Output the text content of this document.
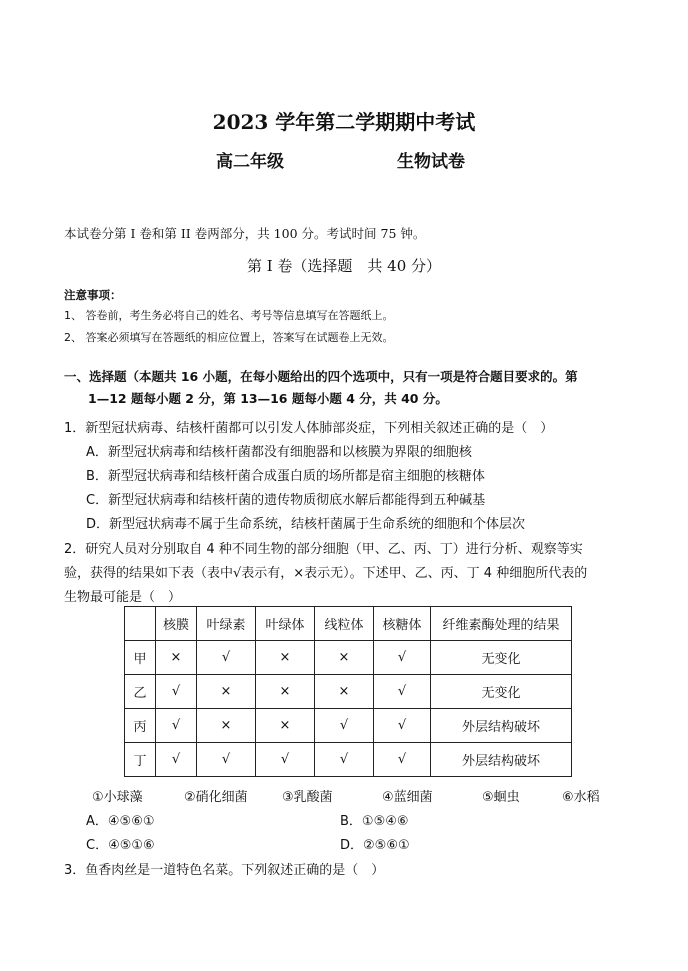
2023 学年第二学期期中考试
高二年级	生物试卷
本试卷分第 I 卷和第 II 卷两部分，共 100 分。考试时间 75 钟。
第 I 卷（选择题　共 40 分）
注意事项：
1、 答卷前，考生务必将自己的姓名、考号等信息填写在答题纸上。
2、 答案必须填写在答题纸的相应位置上，答案写在试题卷上无效。
一、选择题（本题共 16 小题，在每小题给出的四个选项中，只有一项是符合题目要求的。第
1—12 题每小题 2 分，第 13—16 题每小题 4 分，共 40 分。
1．新型冠状病毒、结核杆菌都可以引发人体肺部炎症，下列相关叙述正确的是（　）
A．新型冠状病毒和结核杆菌都没有细胞器和以核膜为界限的细胞核
B．新型冠状病毒和结核杆菌合成蛋白质的场所都是宿主细胞的核糖体
C．新型冠状病毒和结核杆菌的遗传物质彻底水解后都能得到五种碱基
D．新型冠状病毒不属于生命系统，结核杆菌属于生命系统的细胞和个体层次
2．研究人员对分别取自 4 种不同生物的部分细胞（甲、乙、丙、丁）进行分析、观察等实
验，获得的结果如下表（表中√表示有，×表示无）。下述甲、乙、丙、丁 4 种细胞所代表的
生物最可能是（　）
	核膜	叶绿素	叶绿体	线粒体	核糖体	纤维素酶处理的结果
甲	×	√	×	×	√	无变化
乙	√	×	×	×	√	无变化
丙	√	×	×	√	√	外层结构破坏
丁	√	√	√	√	√	外层结构破坏
①小球藻	②硝化细菌	③乳酸菌	④蓝细菌	⑤蛔虫	⑥水稻
A．④⑤⑥①	B．①⑤④⑥
C．④⑤①⑥	D．②⑤⑥①
3．鱼香肉丝是一道特色名菜。下列叙述正确的是（　）
